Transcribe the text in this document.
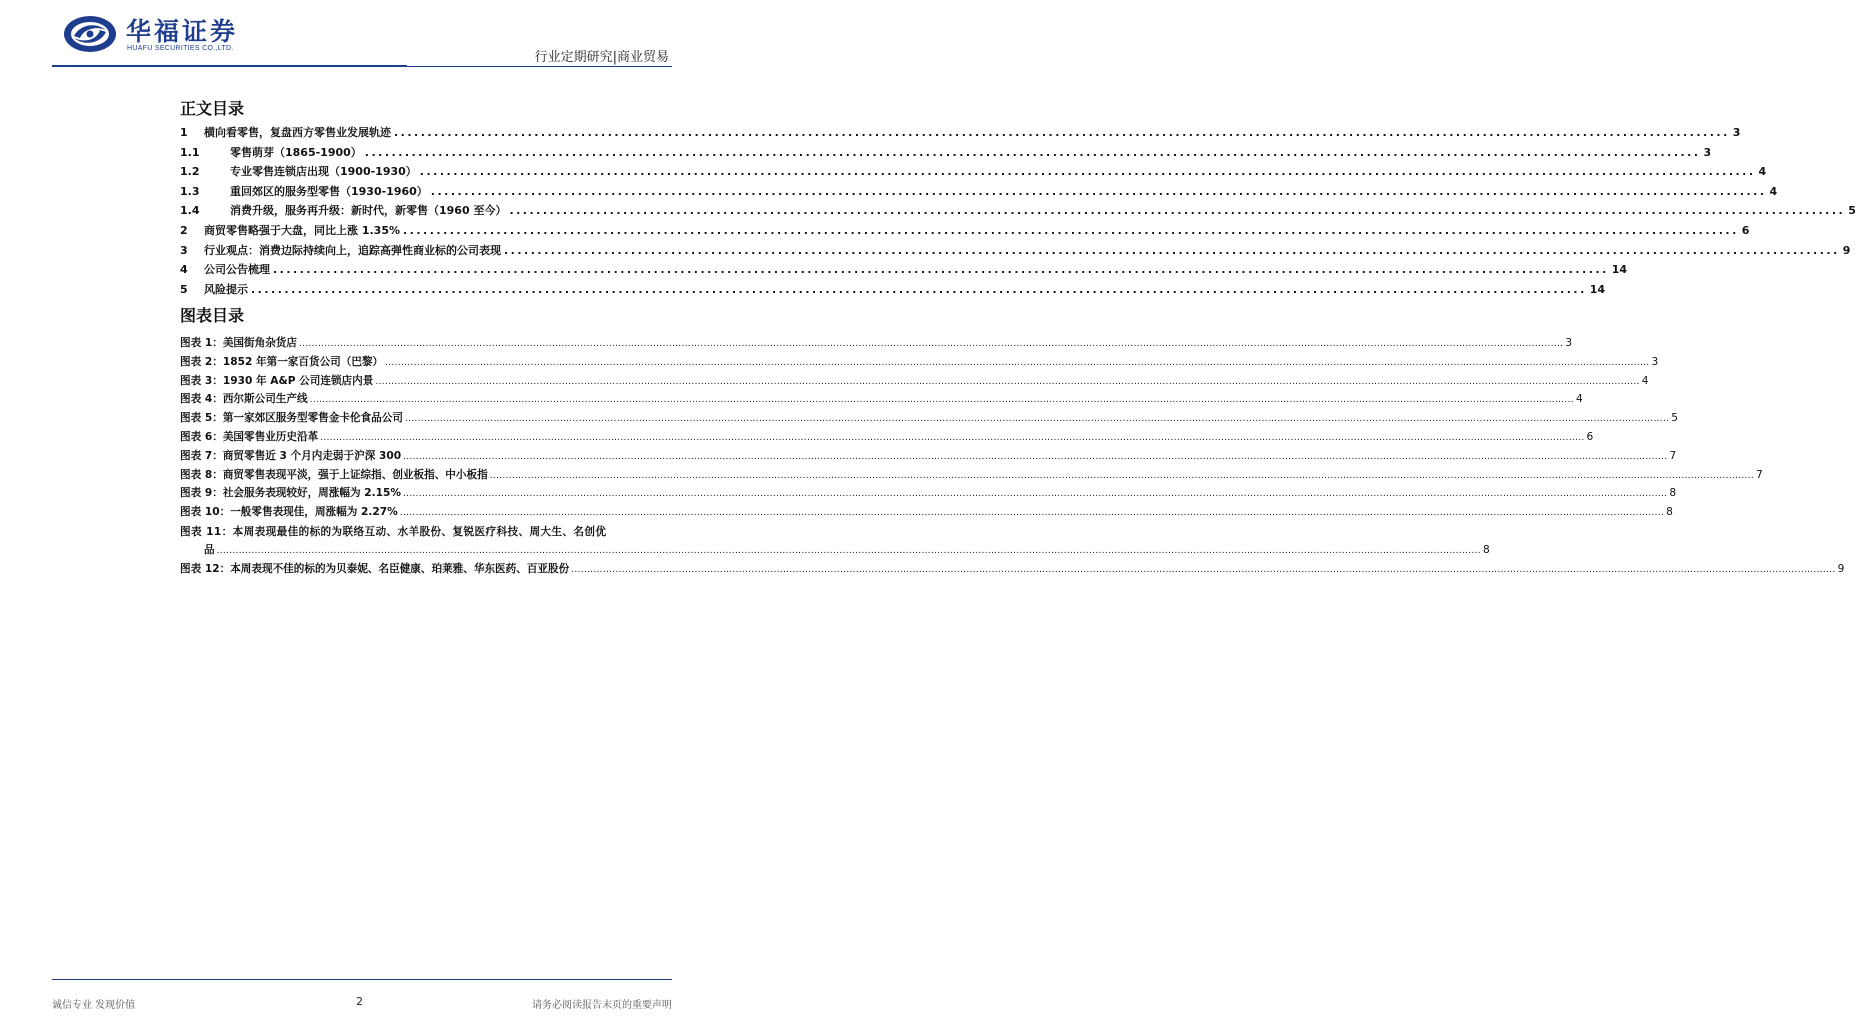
华福证券
HUAFU SECURITIES CO.,LTD.
行业定期研究|商业贸易
正文目录
1	横向看零售，复盘西方零售业发展轨迹 ........................................................................................................................................................................................................ 3
1.1	零售萌芽（1865-1900） ........................................................................................................................................................................................................ 3
1.2	专业零售连锁店出现（1900-1930） ........................................................................................................................................................................................................ 4
1.3	重回郊区的服务型零售（1930-1960） ........................................................................................................................................................................................................ 4
1.4	消费升级，服务再升级：新时代，新零售（1960 至今） ........................................................................................................................................................................................................ 5
2	商贸零售略强于大盘，同比上涨 1.35% ........................................................................................................................................................................................................ 6
3	行业观点：消费边际持续向上，追踪高弹性商业标的公司表现 ........................................................................................................................................................................................................ 9
4	公司公告梳理 ........................................................................................................................................................................................................ 14
5	风险提示 ........................................................................................................................................................................................................ 14
图表目录
图表 1：美国街角杂货店 ................................................................................................................................................................................................................................................................................................................................................................................................................ 3
图表 2：1852 年第一家百货公司（巴黎） ................................................................................................................................................................................................................................................................................................................................................................................................................ 3
图表 3：1930 年 A&P 公司连锁店内景 ................................................................................................................................................................................................................................................................................................................................................................................................................ 4
图表 4：西尔斯公司生产线 ................................................................................................................................................................................................................................................................................................................................................................................................................ 4
图表 5：第一家郊区服务型零售金卡伦食品公司 ................................................................................................................................................................................................................................................................................................................................................................................................................ 5
图表 6：美国零售业历史沿革 ................................................................................................................................................................................................................................................................................................................................................................................................................ 6
图表 7：商贸零售近 3 个月内走弱于沪深 300 ................................................................................................................................................................................................................................................................................................................................................................................................................ 7
图表 8：商贸零售表现平淡，强于上证综指、创业板指、中小板指 ................................................................................................................................................................................................................................................................................................................................................................................................................ 7
图表 9：社会服务表现较好，周涨幅为 2.15% ................................................................................................................................................................................................................................................................................................................................................................................................................ 8
图表 10：一般零售表现佳，周涨幅为 2.27% ................................................................................................................................................................................................................................................................................................................................................................................................................ 8
图表 11：本周表现最佳的标的为联络互动、水羊股份、复锐医疗科技、周大生、名创优
品 ................................................................................................................................................................................................................................................................................................................................................................................................................ 8
图表 12：本周表现不佳的标的为贝泰妮、名臣健康、珀莱雅、华东医药、百亚股份 ................................................................................................................................................................................................................................................................................................................................................................................................................ 9
诚信专业 发现价值	2	请务必阅读报告末页的重要声明
